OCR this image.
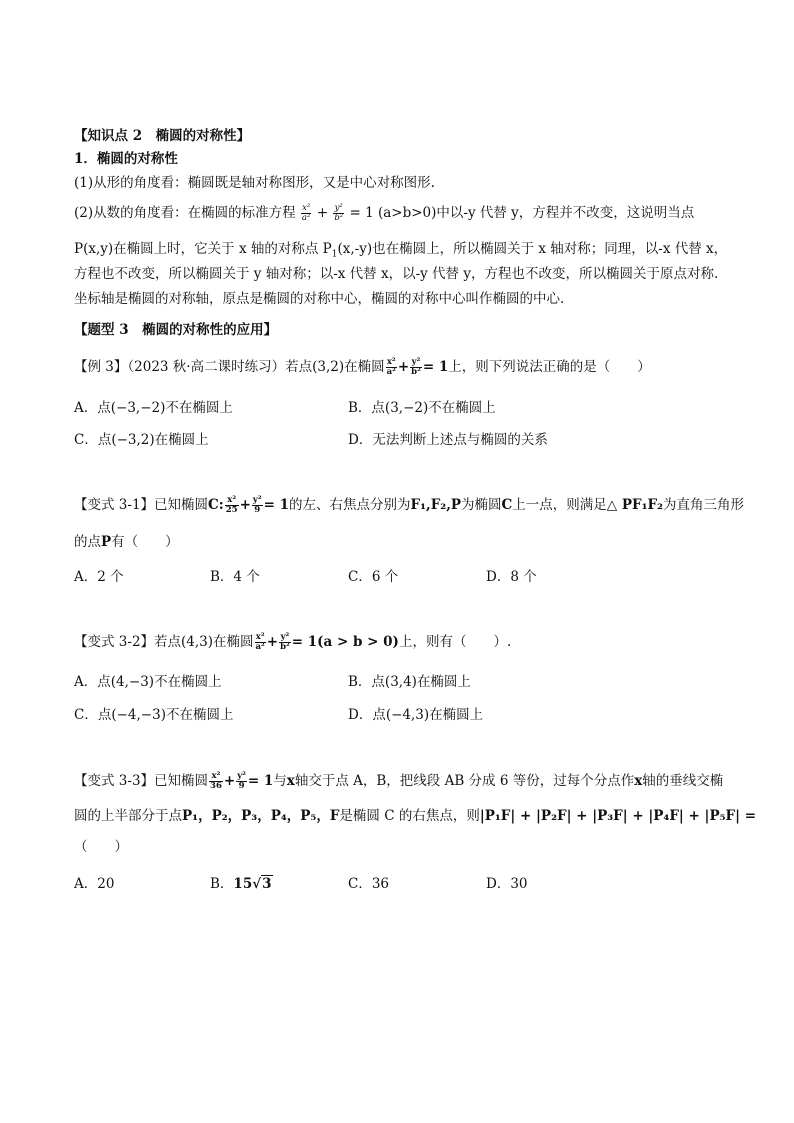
【知识点 2　椭圆的对称性】
1．椭圆的对称性
(1)从形的角度看：椭圆既是轴对称图形，又是中心对称图形.
(2)从数的角度看：在椭圆的标准方程 $\frac{\text{x²}}{\text{a²}} + \frac{\text{y²}}{\text{b²}} = 1$ (a>b>0)中以-y 代替 y，方程并不改变，这说明当点
P(x,y)在椭圆上时，它关于 x 轴的对称点 $P_1(x,-y)$也在椭圆上，所以椭圆关于 x 轴对称；同理，以-x 代替 x，
方程也不改变，所以椭圆关于 y 轴对称；以-x 代替 x，以-y 代替 y，方程也不改变，所以椭圆关于原点对称.
坐标轴是椭圆的对称轴，原点是椭圆的对称中心，椭圆的对称中心叫作椭圆的中心.
【题型 3　椭圆的对称性的应用】
【例 3】（2023 秋·高二课时练习）若点(3,2)在椭圆 $\frac{\text{x²}}{\text{a²}} + \frac{\text{y²}}{\text{b²}} = 1$上，则下列说法正确的是（　　）
A．点(−3,−2)不在椭圆上	B．点(3,−2)不在椭圆上
C．点(−3,2)在椭圆上	D．无法判断上述点与椭圆的关系
【变式 3-1】已知椭圆C: $\frac{\text{x²}}{25} + \frac{\text{y²}}{9} = 1$的左、右焦点分别为F₁,F₂,P为椭圆C上一点，则满足△ PF₁F₂为直角三角形
的点P有（　　）
A．2 个	B．4 个	C．6 个	D．8 个
【变式 3-2】若点(4,3)在椭圆 $\frac{\text{x²}}{\text{a²}} + \frac{\text{y²}}{\text{b²}} = 1(a > b > 0)$上，则有（　　）.
A．点(4,−3)不在椭圆上	B．点(3,4)在椭圆上
C．点(−4,−3)不在椭圆上	D．点(−4,3)在椭圆上
【变式 3-3】已知椭圆 $\frac{\text{x²}}{36} + \frac{\text{y²}}{9} = 1$与x轴交于点 A，B，把线段 AB 分成 6 等份，过每个分点作x轴的垂线交椭
圆的上半部分于点P₁，P₂，P₃，P₄，P₅，F是椭圆 C 的右焦点，则|P₁F| + |P₂F| + |P₃F| + |P₄F| + |P₅F| =
（　　）
A．20	B．15√3	C．36	D．30
